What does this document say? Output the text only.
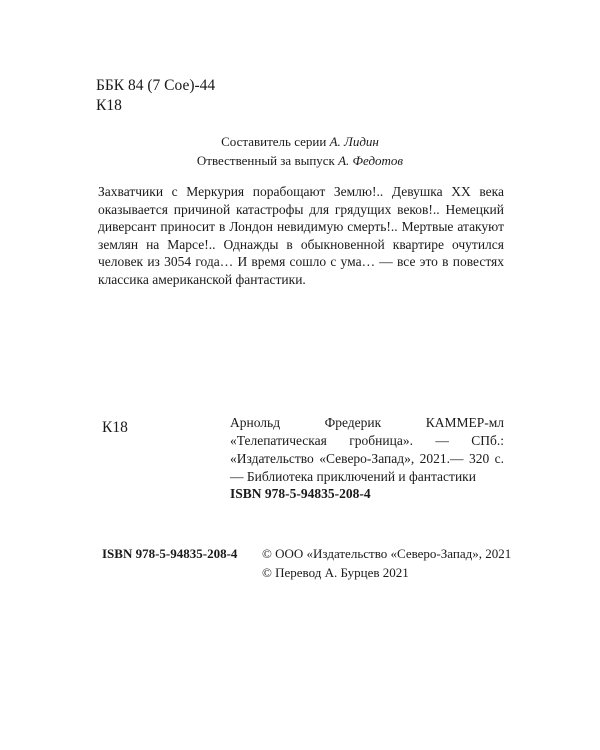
ББК 84 (7 Сое)-44

К18

Составитель серии А. Лидин

Отвественный за выпуск А. Федотов

Захватчики с Меркурия порабощают Землю!.. Девушка XX века оказывается причиной катастрофы для грядущих веков!.. Немецкий диверсант приносит в Лондон невидимую смерть!.. Мертвые атакуют землян на Марсе!.. Однажды в обыкновенной квартире очутился человек из 3054 года… И время сошло с ума… — все это в повестях классика американской фантастики.

К18	Арнольд Фредерик КАММЕР-мл «Телепатическая гробница». — СПб.: «Издательство «Северо-Запад», 2021.— 320 с. — Библиотека приключений и фантастики

ISBN 978-5-94835-208-4

ISBN 978-5-94835-208-4 © ООО «Издательство «Северо-Запад», 2021

© Перевод А. Бурцев 2021
